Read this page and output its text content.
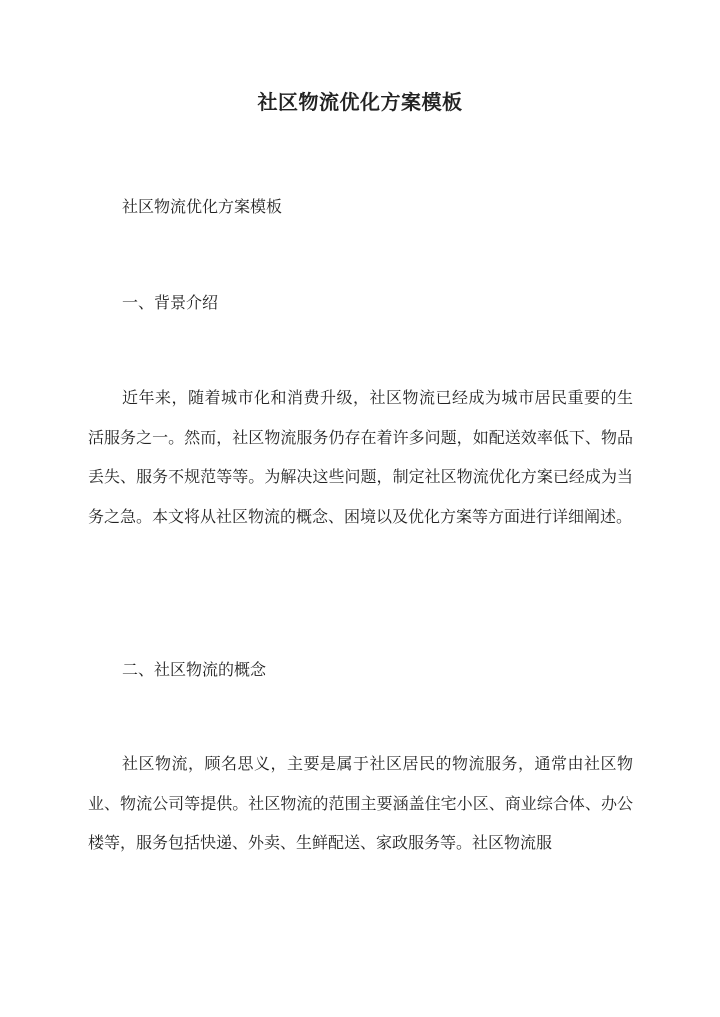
社区物流优化方案模板
社区物流优化方案模板
一、背景介绍

近年来，随着城市化和消费升级，社区物流已经成为城市居民重要的生活服务之一。然而，社区物流服务仍存在着许多问题，如配送效率低下、物品丢失、服务不规范等等。为解决这些问题，制定社区物流优化方案已经成为当务之急。本文将从社区物流的概念、困境以及优化方案等方面进行详细阐述。

二、社区物流的概念

社区物流，顾名思义，主要是属于社区居民的物流服务，通常由社区物业、物流公司等提供。社区物流的范围主要涵盖住宅小区、商业综合体、办公楼等，服务包括快递、外卖、生鲜配送、家政服务等。社区物流服
